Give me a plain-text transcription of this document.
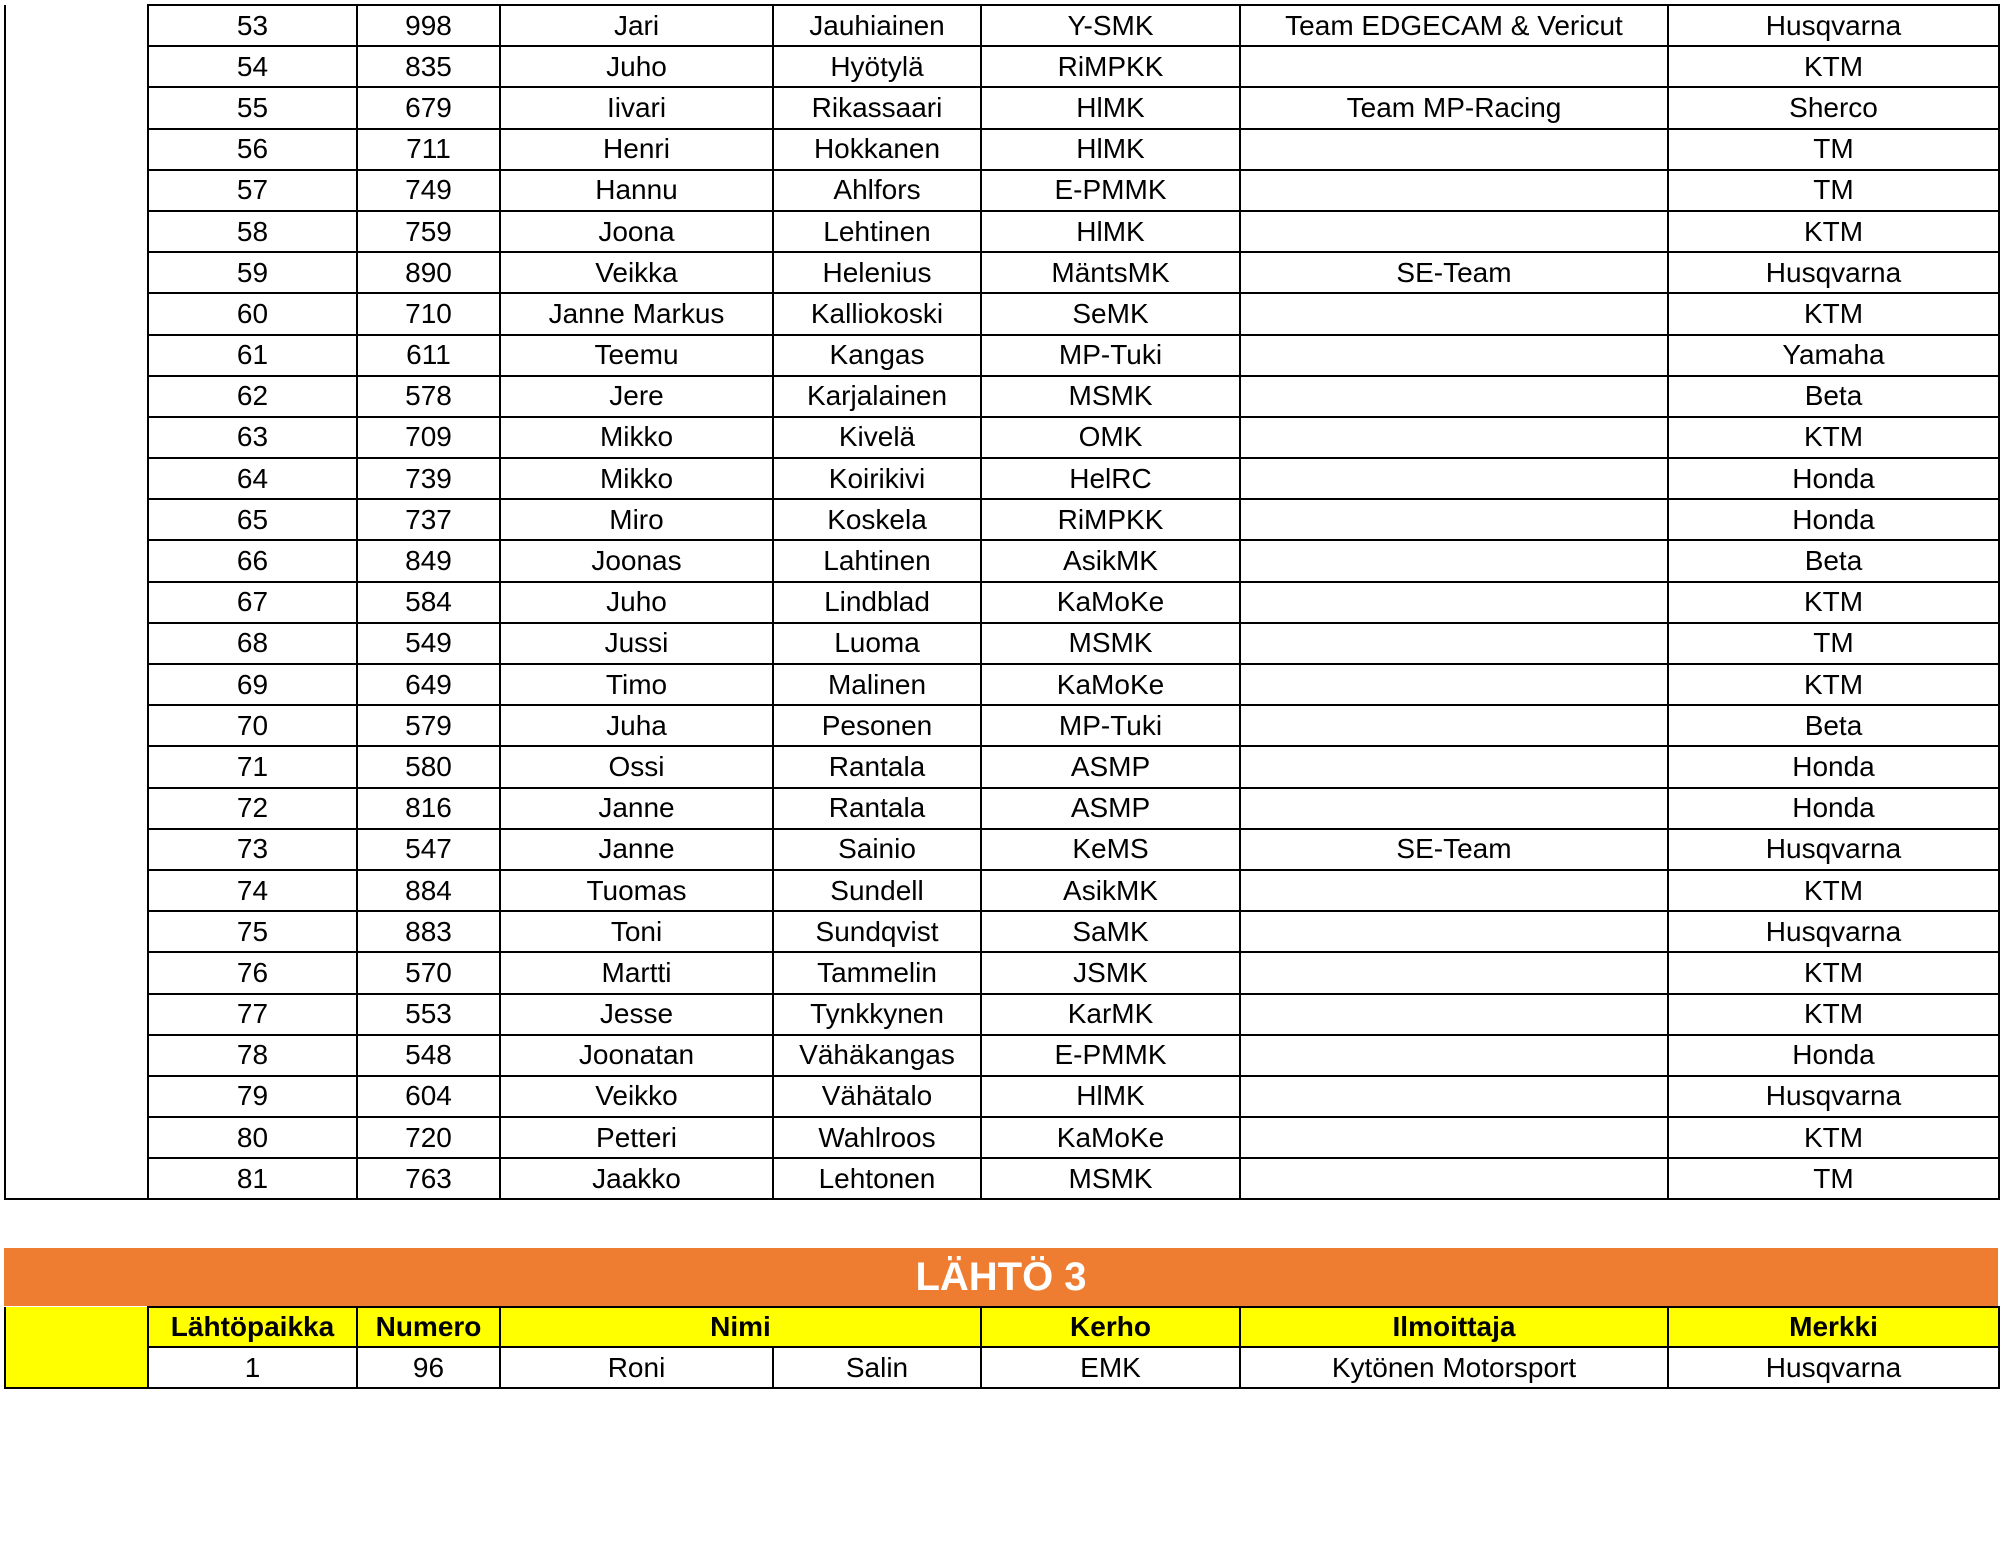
	53	998	Jari	Jauhiainen	Y-SMK	Team EDGECAM & Vericut	Husqvarna
	54	835	Juho	Hyötylä	RiMPKK		KTM
	55	679	Iivari	Rikassaari	HlMK	Team MP-Racing	Sherco
	56	711	Henri	Hokkanen	HlMK		TM
	57	749	Hannu	Ahlfors	E-PMMK		TM
	58	759	Joona	Lehtinen	HlMK		KTM
	59	890	Veikka	Helenius	MäntsMK	SE-Team	Husqvarna
	60	710	Janne Markus	Kalliokoski	SeMK		KTM
	61	611	Teemu	Kangas	MP-Tuki		Yamaha
	62	578	Jere	Karjalainen	MSMK		Beta
	63	709	Mikko	Kivelä	OMK		KTM
	64	739	Mikko	Koirikivi	HelRC		Honda
	65	737	Miro	Koskela	RiMPKK		Honda
	66	849	Joonas	Lahtinen	AsikMK		Beta
	67	584	Juho	Lindblad	KaMoKe		KTM
	68	549	Jussi	Luoma	MSMK		TM
	69	649	Timo	Malinen	KaMoKe		KTM
	70	579	Juha	Pesonen	MP-Tuki		Beta
	71	580	Ossi	Rantala	ASMP		Honda
	72	816	Janne	Rantala	ASMP		Honda
	73	547	Janne	Sainio	KeMS	SE-Team	Husqvarna
	74	884	Tuomas	Sundell	AsikMK		KTM
	75	883	Toni	Sundqvist	SaMK		Husqvarna
	76	570	Martti	Tammelin	JSMK		KTM
	77	553	Jesse	Tynkkynen	KarMK		KTM
	78	548	Joonatan	Vähäkangas	E-PMMK		Honda
	79	604	Veikko	Vähätalo	HlMK		Husqvarna
	80	720	Petteri	Wahlroos	KaMoKe		KTM
	81	763	Jaakko	Lehtonen	MSMK		TM
LÄHTÖ 3
	Lähtöpaikka	Numero	Nimi		Kerho	Ilmoittaja	Merkki
	1	96	Roni	Salin	EMK	Kytönen Motorsport	Husqvarna
